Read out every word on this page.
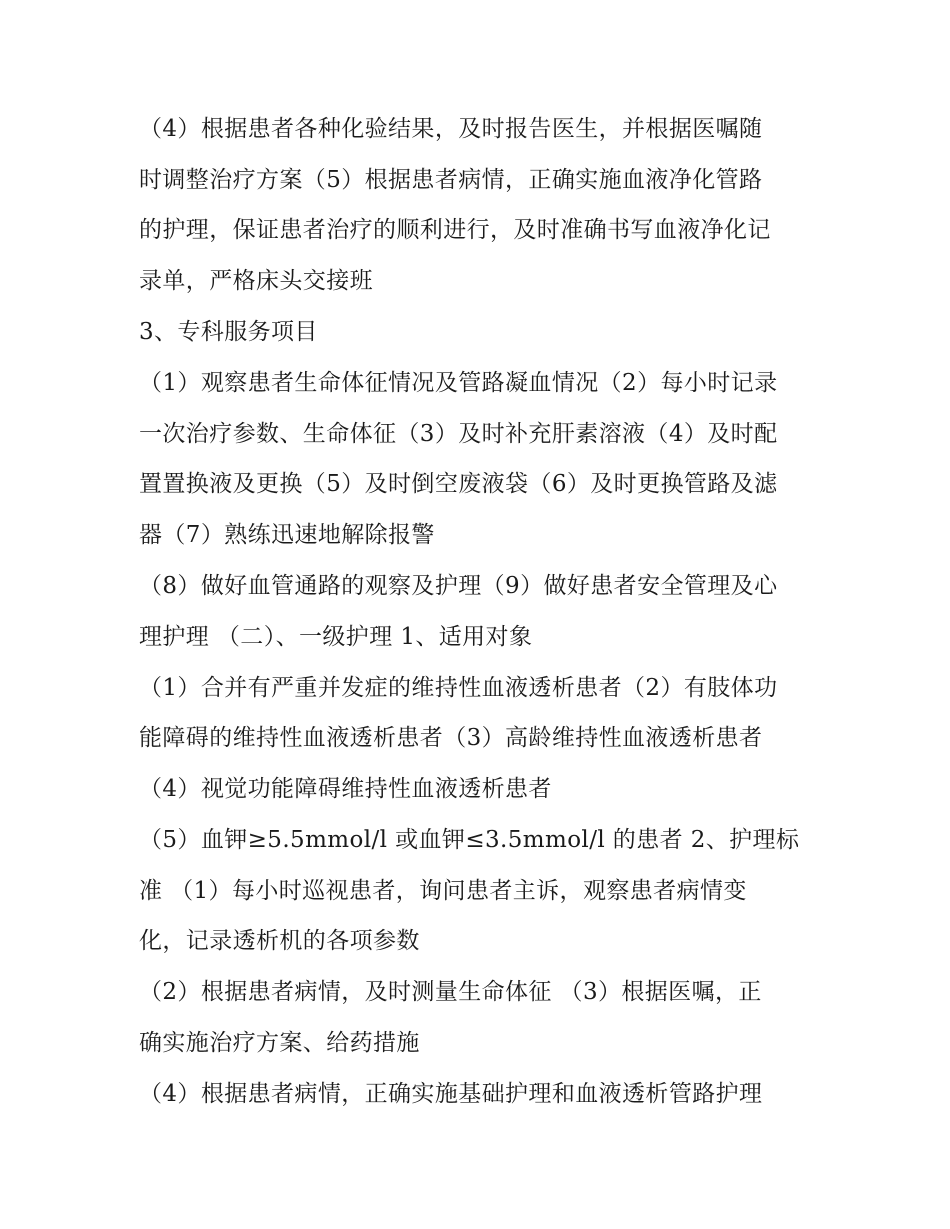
（4）根据患者各种化验结果，及时报告医生，并根据医嘱随
时调整治疗方案（5）根据患者病情，正确实施血液净化管路
的护理，保证患者治疗的顺利进行，及时准确书写血液净化记
录单，严格床头交接班
3、专科服务项目
（1）观察患者生命体征情况及管路凝血情况（2）每小时记录
一次治疗参数、生命体征（3）及时补充肝素溶液（4）及时配
置置换液及更换（5）及时倒空废液袋（6）及时更换管路及滤
器（7）熟练迅速地解除报警
（8）做好血管通路的观察及护理（9）做好患者安全管理及心
理护理 （二）、一级护理 1、适用对象
（1）合并有严重并发症的维持性血液透析患者（2）有肢体功
能障碍的维持性血液透析患者（3）高龄维持性血液透析患者
（4）视觉功能障碍维持性血液透析患者
（5）血钾≥5.5mmol/l 或血钾≤3.5mmol/l 的患者 2、护理标
准 （1）每小时巡视患者，询问患者主诉，观察患者病情变
化，记录透析机的各项参数
（2）根据患者病情，及时测量生命体征 （3）根据医嘱，正
确实施治疗方案、给药措施
（4）根据患者病情，正确实施基础护理和血液透析管路护理
